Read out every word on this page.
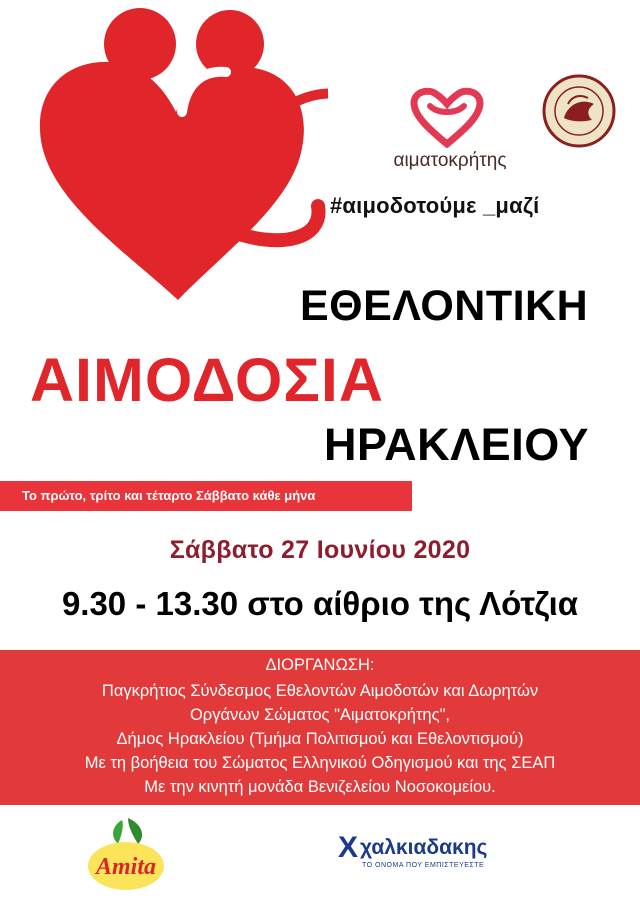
αιματοκρήτης
#αιμοδοτούμε _μαζί
ΕΘΕΛΟΝΤΙΚΗ
ΑΙΜΟΔΟΣΙΑ
ΗΡΑΚΛΕΙΟΥ
Το πρώτο, τρίτο και τέταρτο Σάββατο κάθε μήνα
Σάββατο 27 Ιουνίου 2020
9.30 - 13.30 στο αίθριο της Λότζια
ΔΙΟΡΓΑΝΩΣΗ:
Παγκρήτιος Σύνδεσμος Εθελοντών Αιμοδοτών και Δωρητών
Οργάνων Σώματος "Αιματοκρήτης",
Δήμος Ηρακλείου (Τμήμα Πολιτισμού και Εθελοντισμού)
Με τη βοήθεια του Σώματος Ελληνικού Οδηγισμού και της ΣΕΑΠ
Με την κινητή μονάδα Βενιζελείου Νοσοκομείου.
Amita
X χαλκιαδακης
ΤΟ ΟΝΟΜΑ ΠΟΥ ΕΜΠΙΣΤΕΥΕΣΤΕ
